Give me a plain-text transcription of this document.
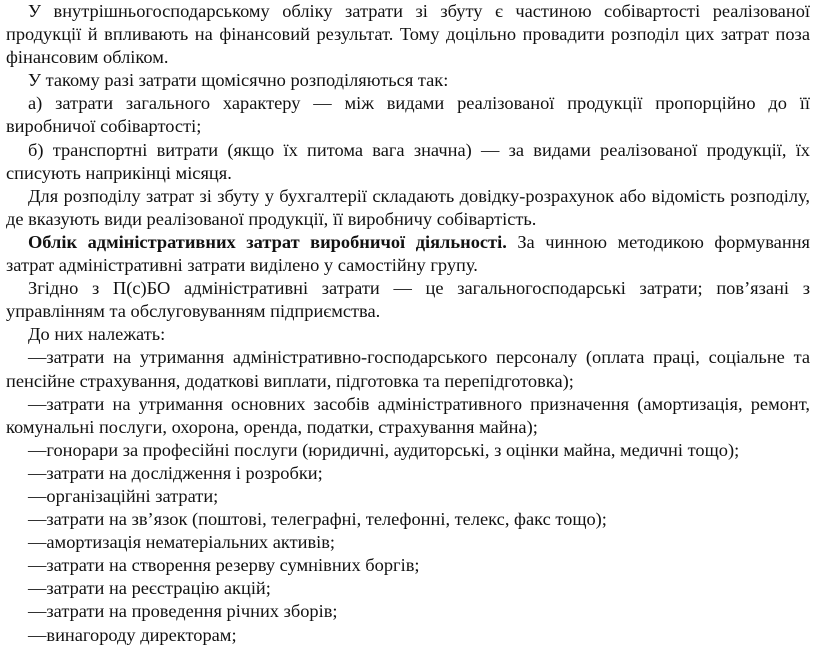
У внутрішньогосподарському обліку затрати зі збуту є частиною собівартості реалізованої продукції й впливають на фінансовий результат. Тому доцільно провадити розподіл цих затрат поза фінансовим обліком.

У такому разі затрати щомісячно розподіляються так:

а) затрати загального характеру — між видами реалізованої продукції пропорційно до її виробничої собівартості;

б) транспортні витрати (якщо їх питома вага значна) — за видами реалізованої продукції, їх списують наприкінці місяця.

Для розподілу затрат зі збуту у бухгалтерії складають довідку-розрахунок або відомість розподілу, де вказують види реалізованої продукції, її виробничу собівартість.

Облік адміністративних затрат виробничої діяльності. За чинною методикою формування затрат адміністративні затрати виділено у самостійну групу.

Згідно з П(с)БО адміністративні затрати — це загальногосподарські затрати; пов’язані з управлінням та обслуговуванням підприємства.

До них належать:

—затрати на утримання адміністративно-господарського персоналу (оплата праці, соціальне та пенсійне страхування, додаткові виплати, підготовка та перепідготовка);

—затрати на утримання основних засобів адміністративного призначення (амортизація, ремонт, комунальні послуги, охорона, оренда, податки, страхування майна);

—гонорари за професійні послуги (юридичні, аудиторські, з оцінки майна, медичні тощо);

—затрати на дослідження і розробки;

—організаційні затрати;

—затрати на зв’язок (поштові, телеграфні, телефонні, телекс, факс тощо);

—амортизація нематеріальних активів;

—затрати на створення резерву сумнівних боргів;

—затрати на реєстрацію акцій;

—затрати на проведення річних зборів;

—винагороду директорам;
